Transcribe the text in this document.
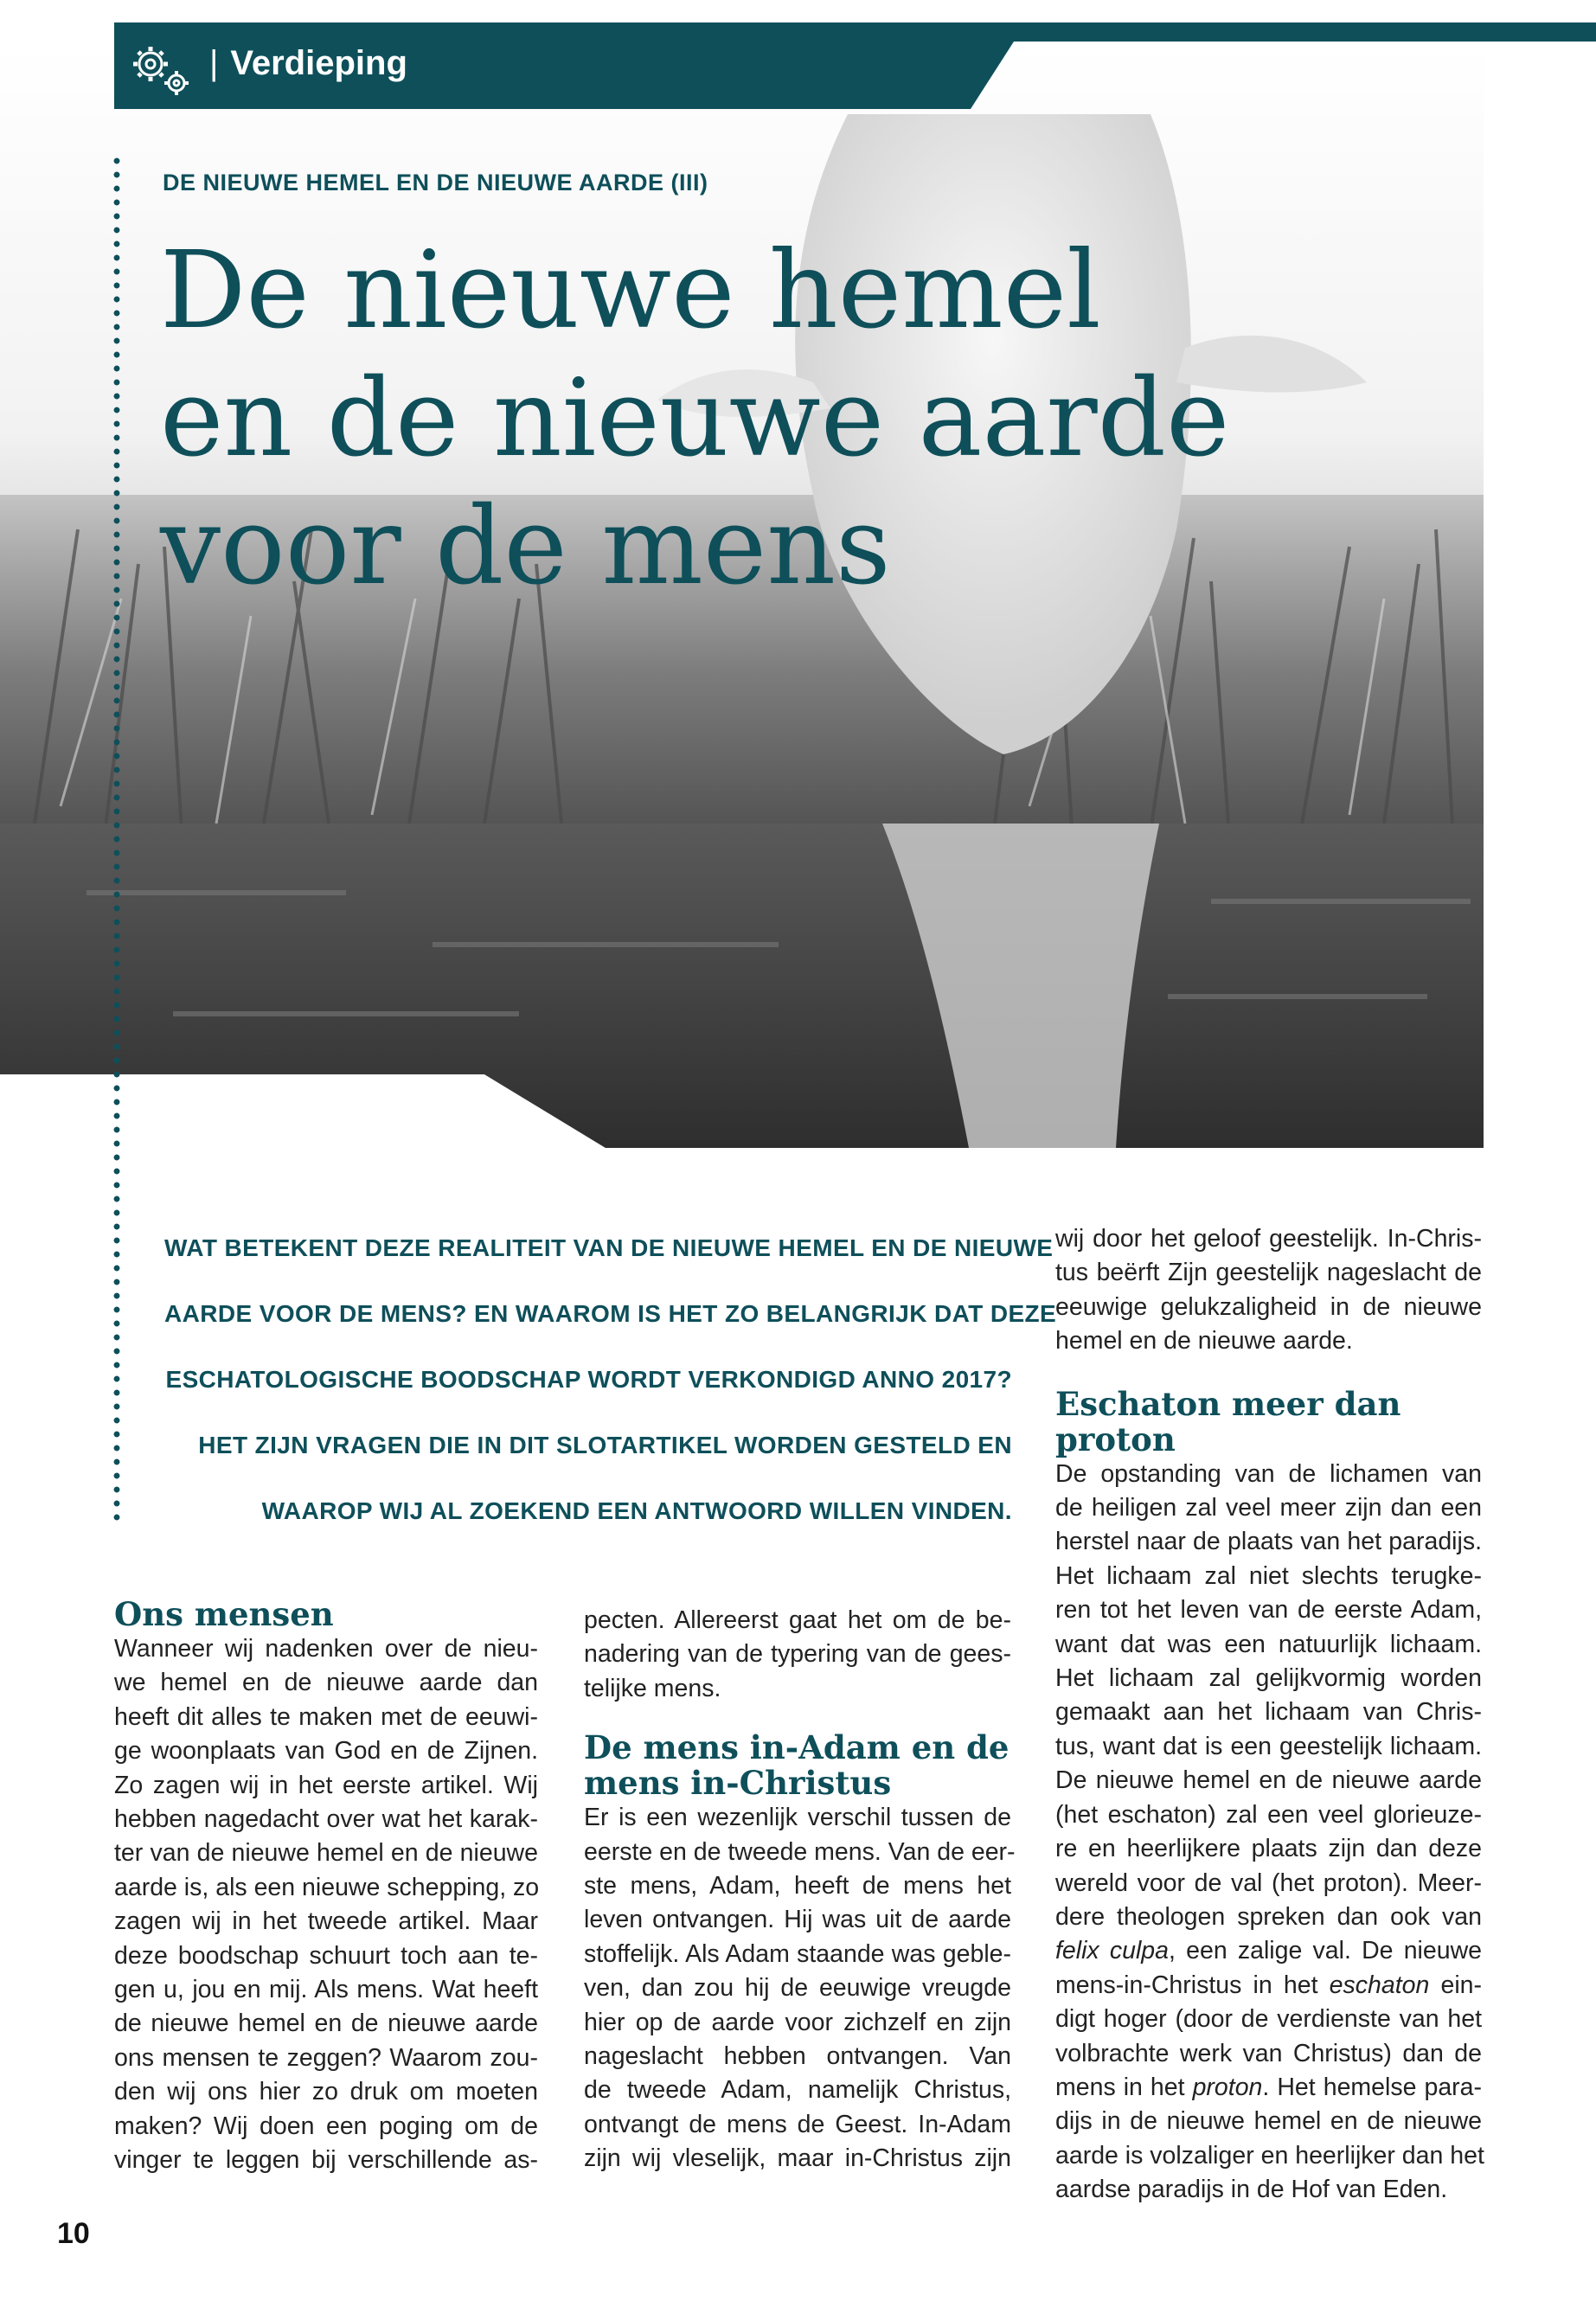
| Verdieping
DE NIEUWE HEMEL EN DE NIEUWE AARDE (III)
De nieuwe hemel
en de nieuwe aarde
voor de mens
WAT BETEKENT DEZE REALITEIT VAN DE NIEUWE HEMEL EN DE NIEUWE
AARDE VOOR DE MENS? EN WAAROM IS HET ZO BELANGRIJK DAT DEZE
ESCHATOLOGISCHE BOODSCHAP WORDT VERKONDIGD ANNO 2017?
HET ZIJN VRAGEN DIE IN DIT SLOTARTIKEL WORDEN GESTELD EN
WAAROP WIJ AL ZOEKEND EEN ANTWOORD WILLEN VINDEN.
Ons mensen
Wanneer wij nadenken over de nieu-
we hemel en de nieuwe aarde dan
heeft dit alles te maken met de eeuwi-
ge woonplaats van God en de Zijnen.
Zo zagen wij in het eerste artikel. Wij
hebben nagedacht over wat het karak-
ter van de nieuwe hemel en de nieuwe
aarde is, als een nieuwe schepping, zo
zagen wij in het tweede artikel. Maar
deze boodschap schuurt toch aan te-
gen u, jou en mij. Als mens. Wat heeft
de nieuwe hemel en de nieuwe aarde
ons mensen te zeggen? Waarom zou-
den wij ons hier zo druk om moeten
maken? Wij doen een poging om de
vinger te leggen bij verschillende as-
pecten. Allereerst gaat het om de be-
nadering van de typering van de gees-
telijke mens.
De mens in-Adam en de
mens in-Christus
Er is een wezenlijk verschil tussen de
eerste en de tweede mens. Van de eer-
ste mens, Adam, heeft de mens het
leven ontvangen. Hij was uit de aarde
stoffelijk. Als Adam staande was geble-
ven, dan zou hij de eeuwige vreugde
hier op de aarde voor zichzelf en zijn
nageslacht hebben ontvangen. Van
de tweede Adam, namelijk Christus,
ontvangt de mens de Geest. In-Adam
zijn wij vleselijk, maar in-Christus zijn
wij door het geloof geestelijk. In-Chris-
tus beërft Zijn geestelijk nageslacht de
eeuwige gelukzaligheid in de nieuwe
hemel en de nieuwe aarde.
Eschaton meer dan proton
De opstanding van de lichamen van
de heiligen zal veel meer zijn dan een
herstel naar de plaats van het paradijs.
Het lichaam zal niet slechts terugke-
ren tot het leven van de eerste Adam,
want dat was een natuurlijk lichaam.
Het lichaam zal gelijkvormig worden
gemaakt aan het lichaam van Chris-
tus, want dat is een geestelijk lichaam.
De nieuwe hemel en de nieuwe aarde
(het eschaton) zal een veel glorieuze-
re en heerlijkere plaats zijn dan deze
wereld voor de val (het proton). Meer-
dere theologen spreken dan ook van
felix culpa, een zalige val. De nieuwe
mens-in-Christus in het eschaton ein-
digt hoger (door de verdienste van het
volbrachte werk van Christus) dan de
mens in het proton. Het hemelse para-
dijs in de nieuwe hemel en de nieuwe
aarde is volzaliger en heerlijker dan het
aardse paradijs in de Hof van Eden.
10
